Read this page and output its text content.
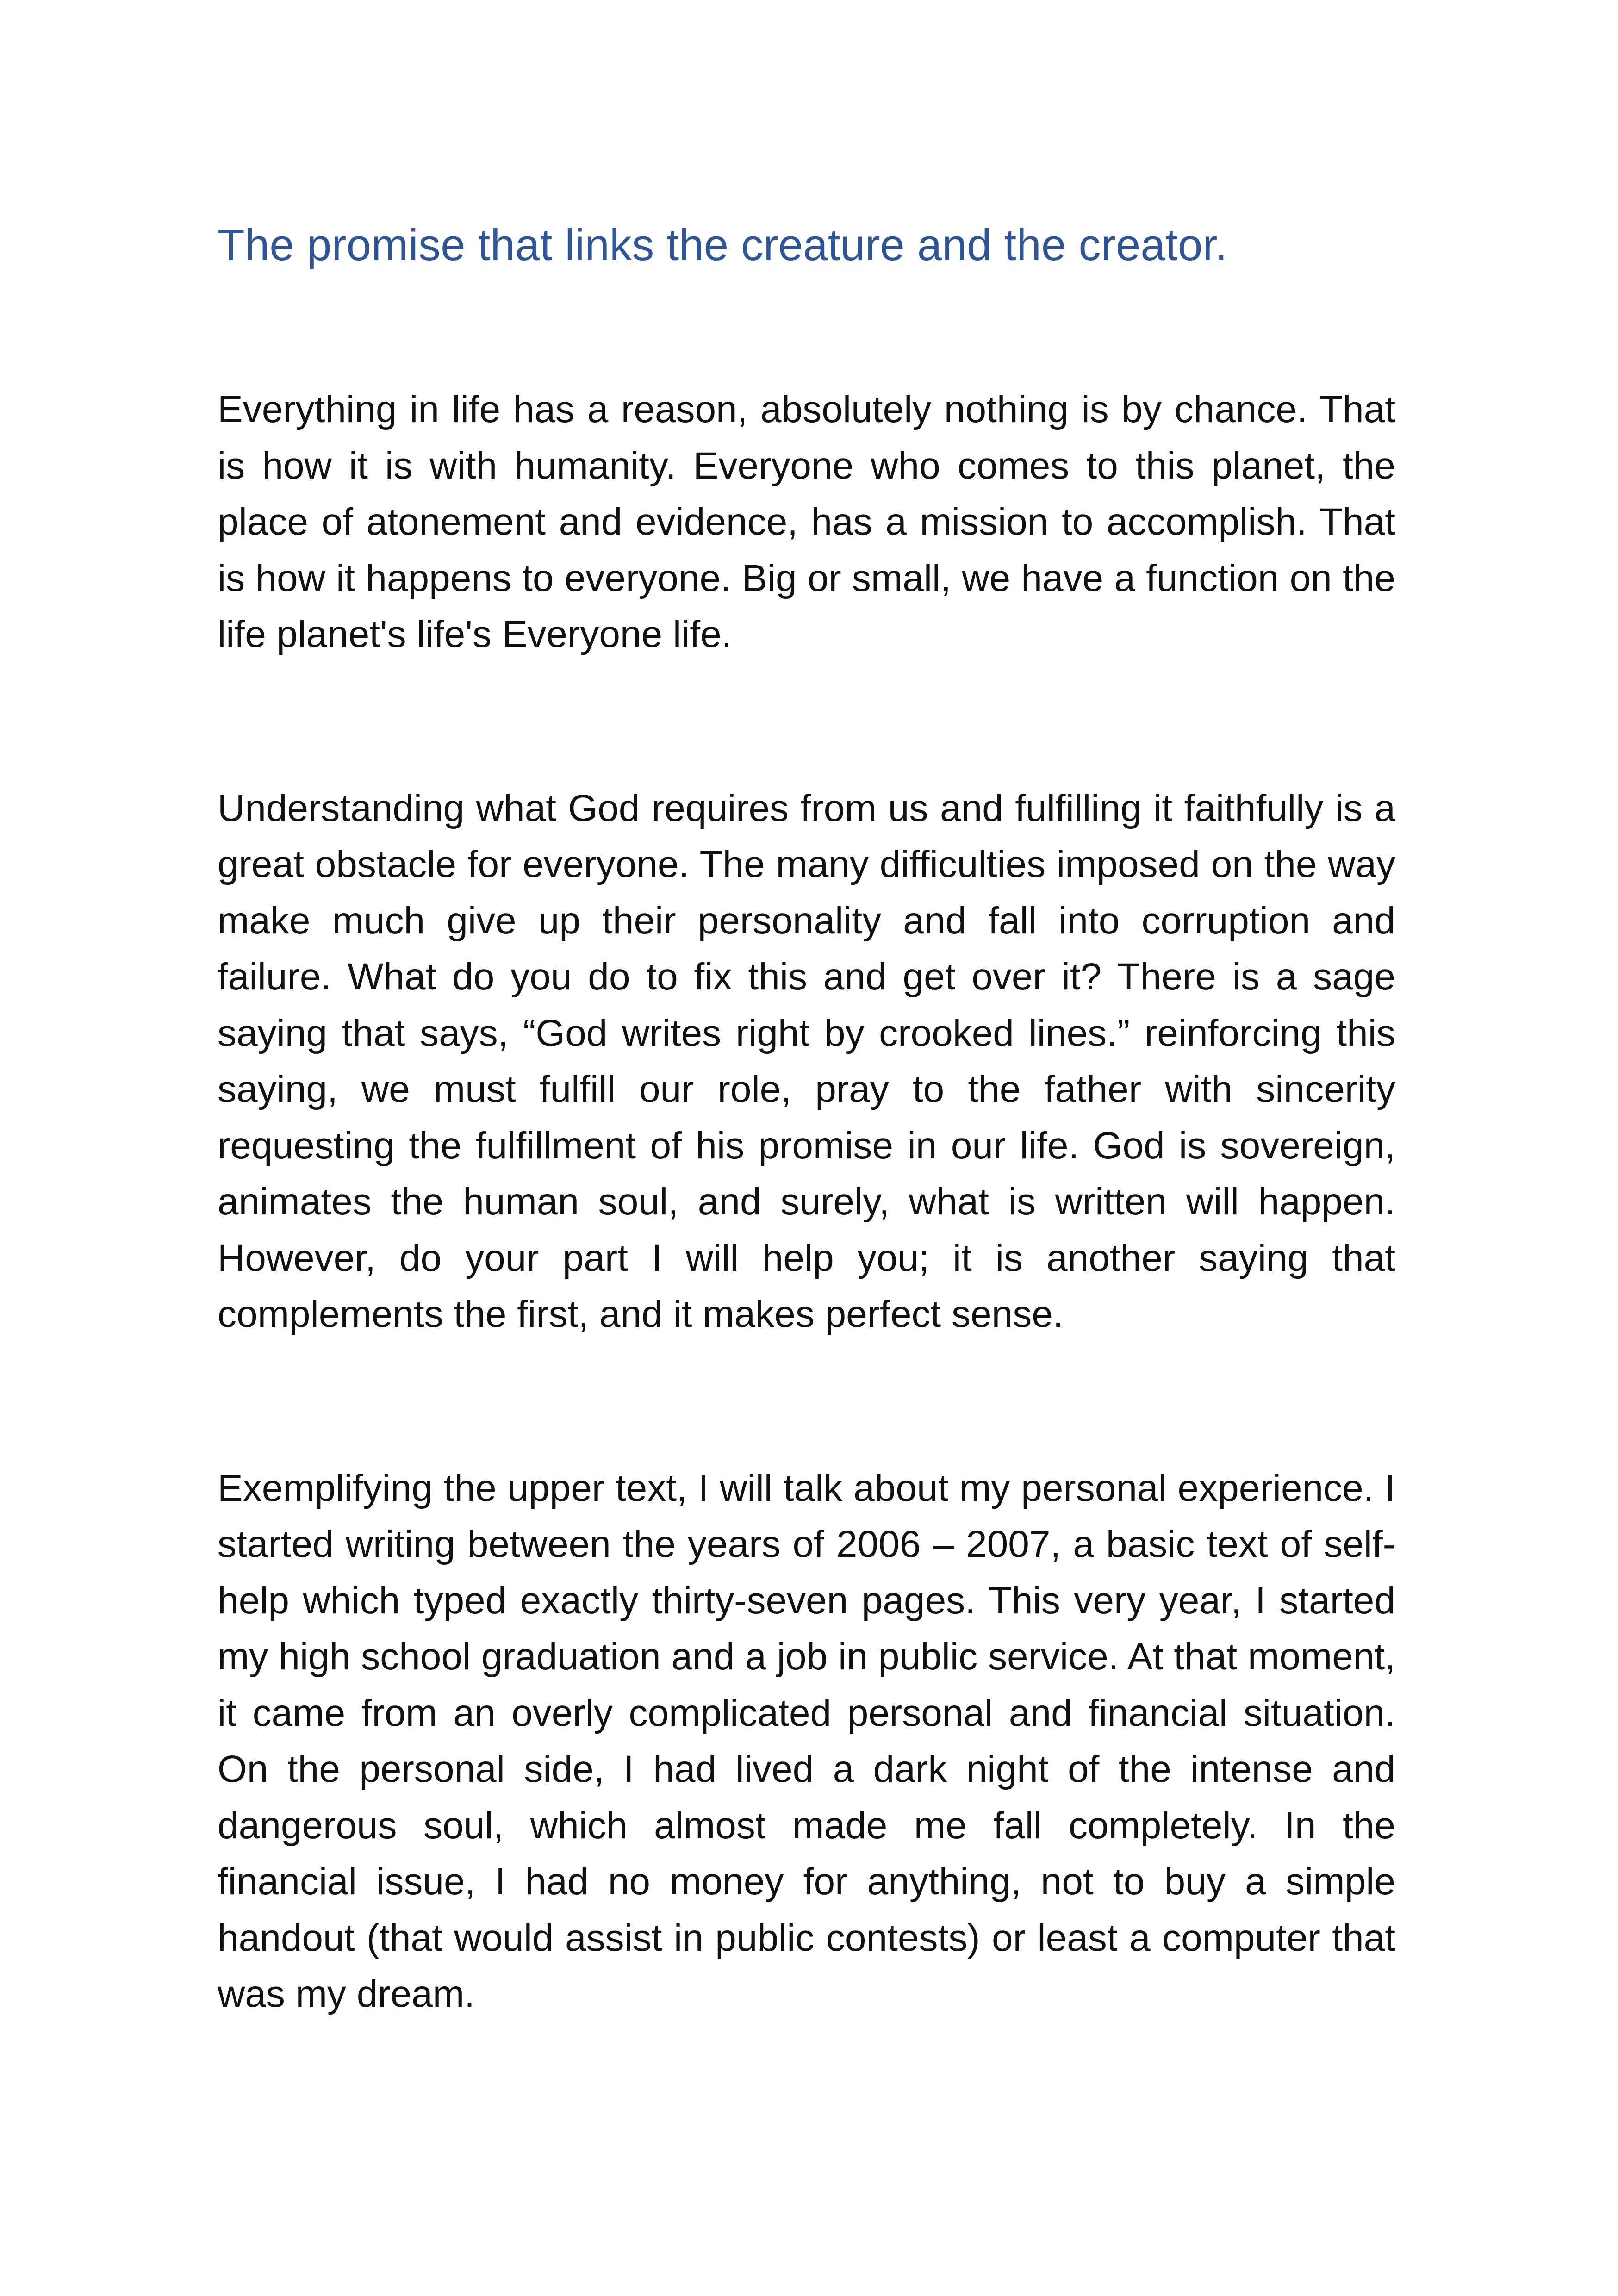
The promise that links the creature and the creator.

Everything in life has a reason, absolutely nothing is by chance. That is how it is with humanity. Everyone who comes to this planet, the place of atonement and evidence, has a mission to accomplish. That is how it happens to everyone. Big or small, we have a function on the life planet's life's Everyone life.

Understanding what God requires from us and fulfilling it faithfully is a great obstacle for everyone. The many difficulties imposed on the way make much give up their personality and fall into corruption and failure. What do you do to fix this and get over it? There is a sage saying that says, “God writes right by crooked lines.” reinforcing this saying, we must fulfill our role, pray to the father with sincerity requesting the fulfillment of his promise in our life. God is sovereign, animates the human soul, and surely, what is written will happen. However, do your part I will help you; it is another saying that complements the first, and it makes perfect sense.

Exemplifying the upper text, I will talk about my personal experience. I started writing between the years of 2006 – 2007, a basic text of self-help which typed exactly thirty-seven pages. This very year, I started my high school graduation and a job in public service. At that moment, it came from an overly complicated personal and financial situation. On the personal side, I had lived a dark night of the intense and dangerous soul, which almost made me fall completely. In the financial issue, I had no money for anything, not to buy a simple handout (that would assist in public contests) or least a computer that was my dream.
